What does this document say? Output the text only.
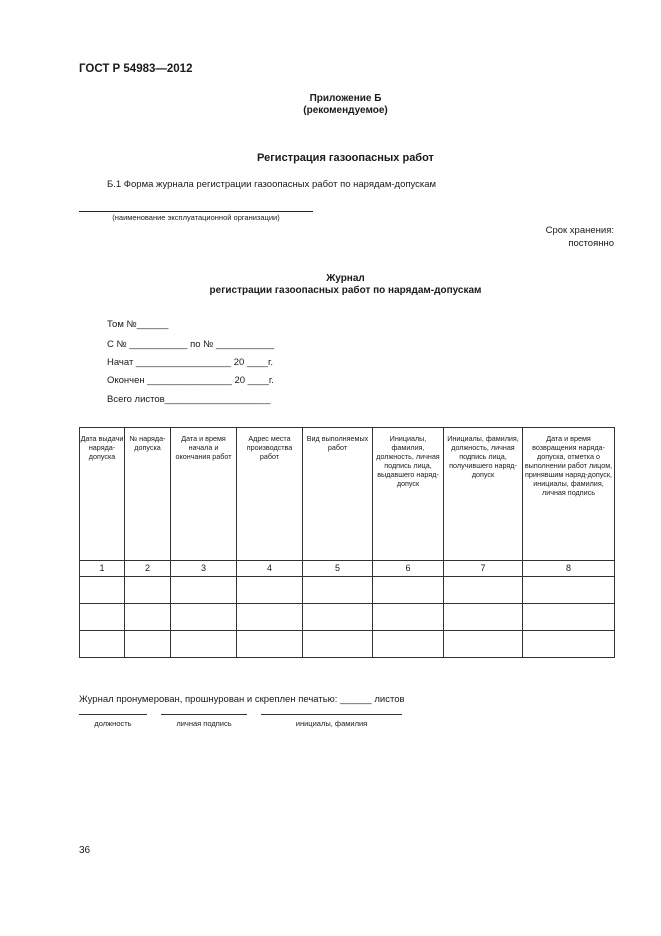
ГОСТ Р 54983—2012
Приложение Б
(рекомендуемое)
Регистрация газоопасных работ
Б.1 Форма журнала регистрации газоопасных работ по нарядам-допускам
(наименование эксплуатационной организации)
Срок хранения:
постоянно
Журнал
регистрации газоопасных работ по нарядам-допускам
Том №______
С № ___________ по № ___________
Начат __________________ 20 ____г.
Окончен ________________ 20 ____г.
Всего листов____________________
Дата выдачи наряда-допуска	№ наряда-допуска	Дата и время начала и окончания работ	Адрес места производства работ	Вид выполняемых работ	Инициалы, фамилия, должность, личная подпись лица, выдавшего наряд-допуск	Инициалы, фамилия, должность, личная подпись лица, получившего наряд-допуск	Дата и время возвращения наряда-допуска, отметка о выполнении работ лицом, принявшим наряд-допуск, инициалы, фамилия, личная подпись
1	2	3	4	5	6	7	8

Журнал пронумерован, прошнурован и скреплен печатью: ______ листов
должность	личная подпись	инициалы, фамилия
36
